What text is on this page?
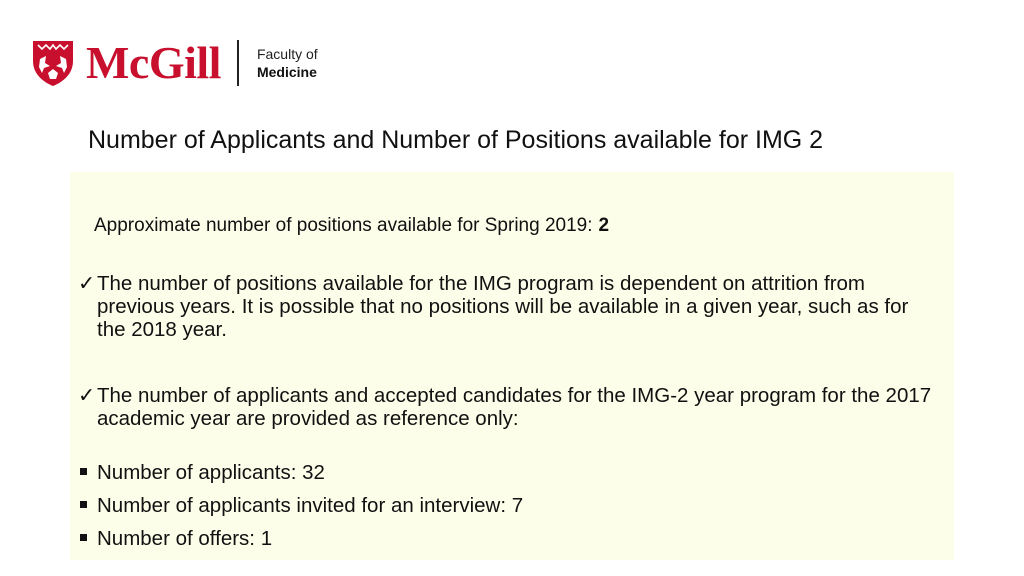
McGill	Faculty of
Medicine
Number of Applicants and Number of Positions available for IMG 2
Approximate number of positions available for Spring 2019: 2
✓ The number of positions available for the IMG program is dependent on attrition from previous years. It is possible that no positions will be available in a given year, such as for the 2018 year.
✓ The number of applicants and accepted candidates for the IMG-2 year program for the 2017 academic year are provided as reference only:
Number of applicants: 32
Number of applicants invited for an interview: 7
Number of offers: 1
